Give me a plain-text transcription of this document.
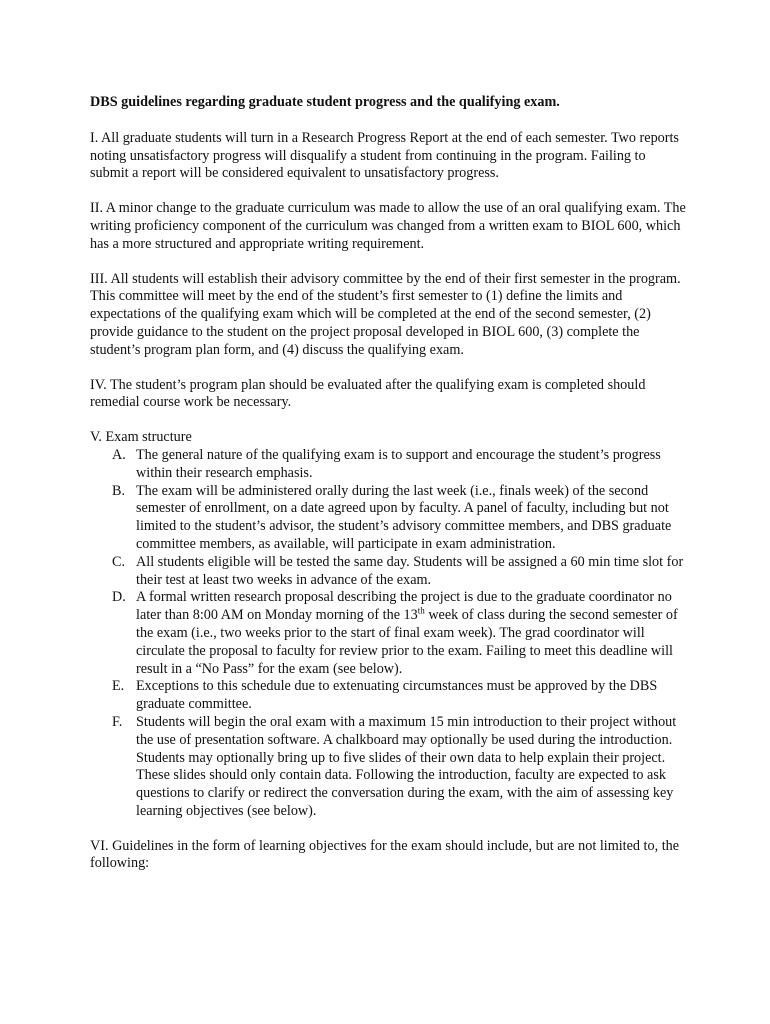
DBS guidelines regarding graduate student progress and the qualifying exam.

I. All graduate students will turn in a Research Progress Report at the end of each semester. Two reports noting unsatisfactory progress will disqualify a student from continuing in the program. Failing to submit a report will be considered equivalent to unsatisfactory progress.

II. A minor change to the graduate curriculum was made to allow the use of an oral qualifying exam. The writing proficiency component of the curriculum was changed from a written exam to BIOL 600, which has a more structured and appropriate writing requirement.

III. All students will establish their advisory committee by the end of their first semester in the program. This committee will meet by the end of the student’s first semester to (1) define the limits and expectations of the qualifying exam which will be completed at the end of the second semester, (2) provide guidance to the student on the project proposal developed in BIOL 600, (3) complete the student’s program plan form, and (4) discuss the qualifying exam.

IV. The student’s program plan should be evaluated after the qualifying exam is completed should remedial course work be necessary.

V. Exam structure

A. The general nature of the qualifying exam is to support and encourage the student’s progress within their research emphasis.
B. The exam will be administered orally during the last week (i.e., finals week) of the second semester of enrollment, on a date agreed upon by faculty. A panel of faculty, including but not limited to the student’s advisor, the student’s advisory committee members, and DBS graduate committee members, as available, will participate in exam administration.
C. All students eligible will be tested the same day. Students will be assigned a 60 min time slot for their test at least two weeks in advance of the exam.
D. A formal written research proposal describing the project is due to the graduate coordinator no later than 8:00 AM on Monday morning of the 13th week of class during the second semester of the exam (i.e., two weeks prior to the start of final exam week). The grad coordinator will circulate the proposal to faculty for review prior to the exam. Failing to meet this deadline will result in a “No Pass” for the exam (see below).
E. Exceptions to this schedule due to extenuating circumstances must be approved by the DBS graduate committee.
F. Students will begin the oral exam with a maximum 15 min introduction to their project without the use of presentation software. A chalkboard may optionally be used during the introduction. Students may optionally bring up to five slides of their own data to help explain their project. These slides should only contain data. Following the introduction, faculty are expected to ask questions to clarify or redirect the conversation during the exam, with the aim of assessing key learning objectives (see below).

VI. Guidelines in the form of learning objectives for the exam should include, but are not limited to, the following:
